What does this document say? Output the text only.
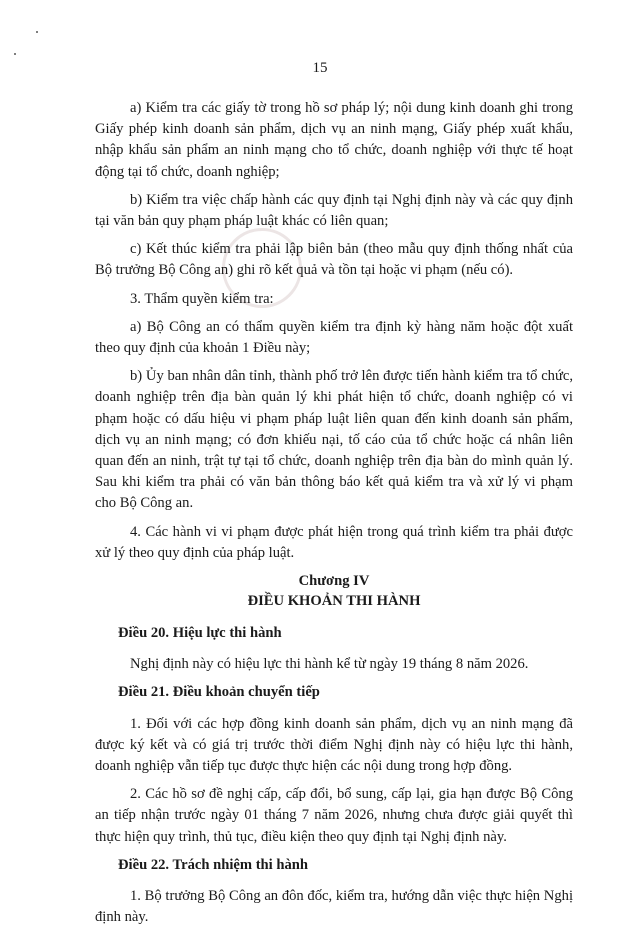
15

a) Kiểm tra các giấy tờ trong hồ sơ pháp lý; nội dung kinh doanh ghi trong Giấy phép kinh doanh sản phẩm, dịch vụ an ninh mạng, Giấy phép xuất khẩu, nhập khẩu sản phẩm an ninh mạng cho tổ chức, doanh nghiệp với thực tế hoạt động tại tổ chức, doanh nghiệp;

b) Kiểm tra việc chấp hành các quy định tại Nghị định này và các quy định tại văn bản quy phạm pháp luật khác có liên quan;

c) Kết thúc kiểm tra phải lập biên bản (theo mẫu quy định thống nhất của Bộ trưởng Bộ Công an) ghi rõ kết quả và tồn tại hoặc vi phạm (nếu có).

3. Thẩm quyền kiểm tra:

a) Bộ Công an có thẩm quyền kiểm tra định kỳ hàng năm hoặc đột xuất theo quy định của khoản 1 Điều này;

b) Ủy ban nhân dân tỉnh, thành phố trở lên được tiến hành kiểm tra tổ chức, doanh nghiệp trên địa bàn quản lý khi phát hiện tổ chức, doanh nghiệp có vi phạm hoặc có dấu hiệu vi phạm pháp luật liên quan đến kinh doanh sản phẩm, dịch vụ an ninh mạng; có đơn khiếu nại, tố cáo của tổ chức hoặc cá nhân liên quan đến an ninh, trật tự tại tổ chức, doanh nghiệp trên địa bàn do mình quản lý. Sau khi kiểm tra phải có văn bản thông báo kết quả kiểm tra và xử lý vi phạm cho Bộ Công an.

4. Các hành vi vi phạm được phát hiện trong quá trình kiểm tra phải được xử lý theo quy định của pháp luật.

Chương IV
ĐIỀU KHOẢN THI HÀNH

Điều 20. Hiệu lực thi hành

Nghị định này có hiệu lực thi hành kể từ ngày 19 tháng 8 năm 2026.

Điều 21. Điều khoản chuyển tiếp

1. Đối với các hợp đồng kinh doanh sản phẩm, dịch vụ an ninh mạng đã được ký kết và có giá trị trước thời điểm Nghị định này có hiệu lực thi hành, doanh nghiệp vẫn tiếp tục được thực hiện các nội dung trong hợp đồng.

2. Các hồ sơ đề nghị cấp, cấp đổi, bổ sung, cấp lại, gia hạn được Bộ Công an tiếp nhận trước ngày 01 tháng 7 năm 2026, nhưng chưa được giải quyết thì thực hiện quy trình, thủ tục, điều kiện theo quy định tại Nghị định này.

Điều 22. Trách nhiệm thi hành

1. Bộ trưởng Bộ Công an đôn đốc, kiểm tra, hướng dẫn việc thực hiện Nghị định này.
